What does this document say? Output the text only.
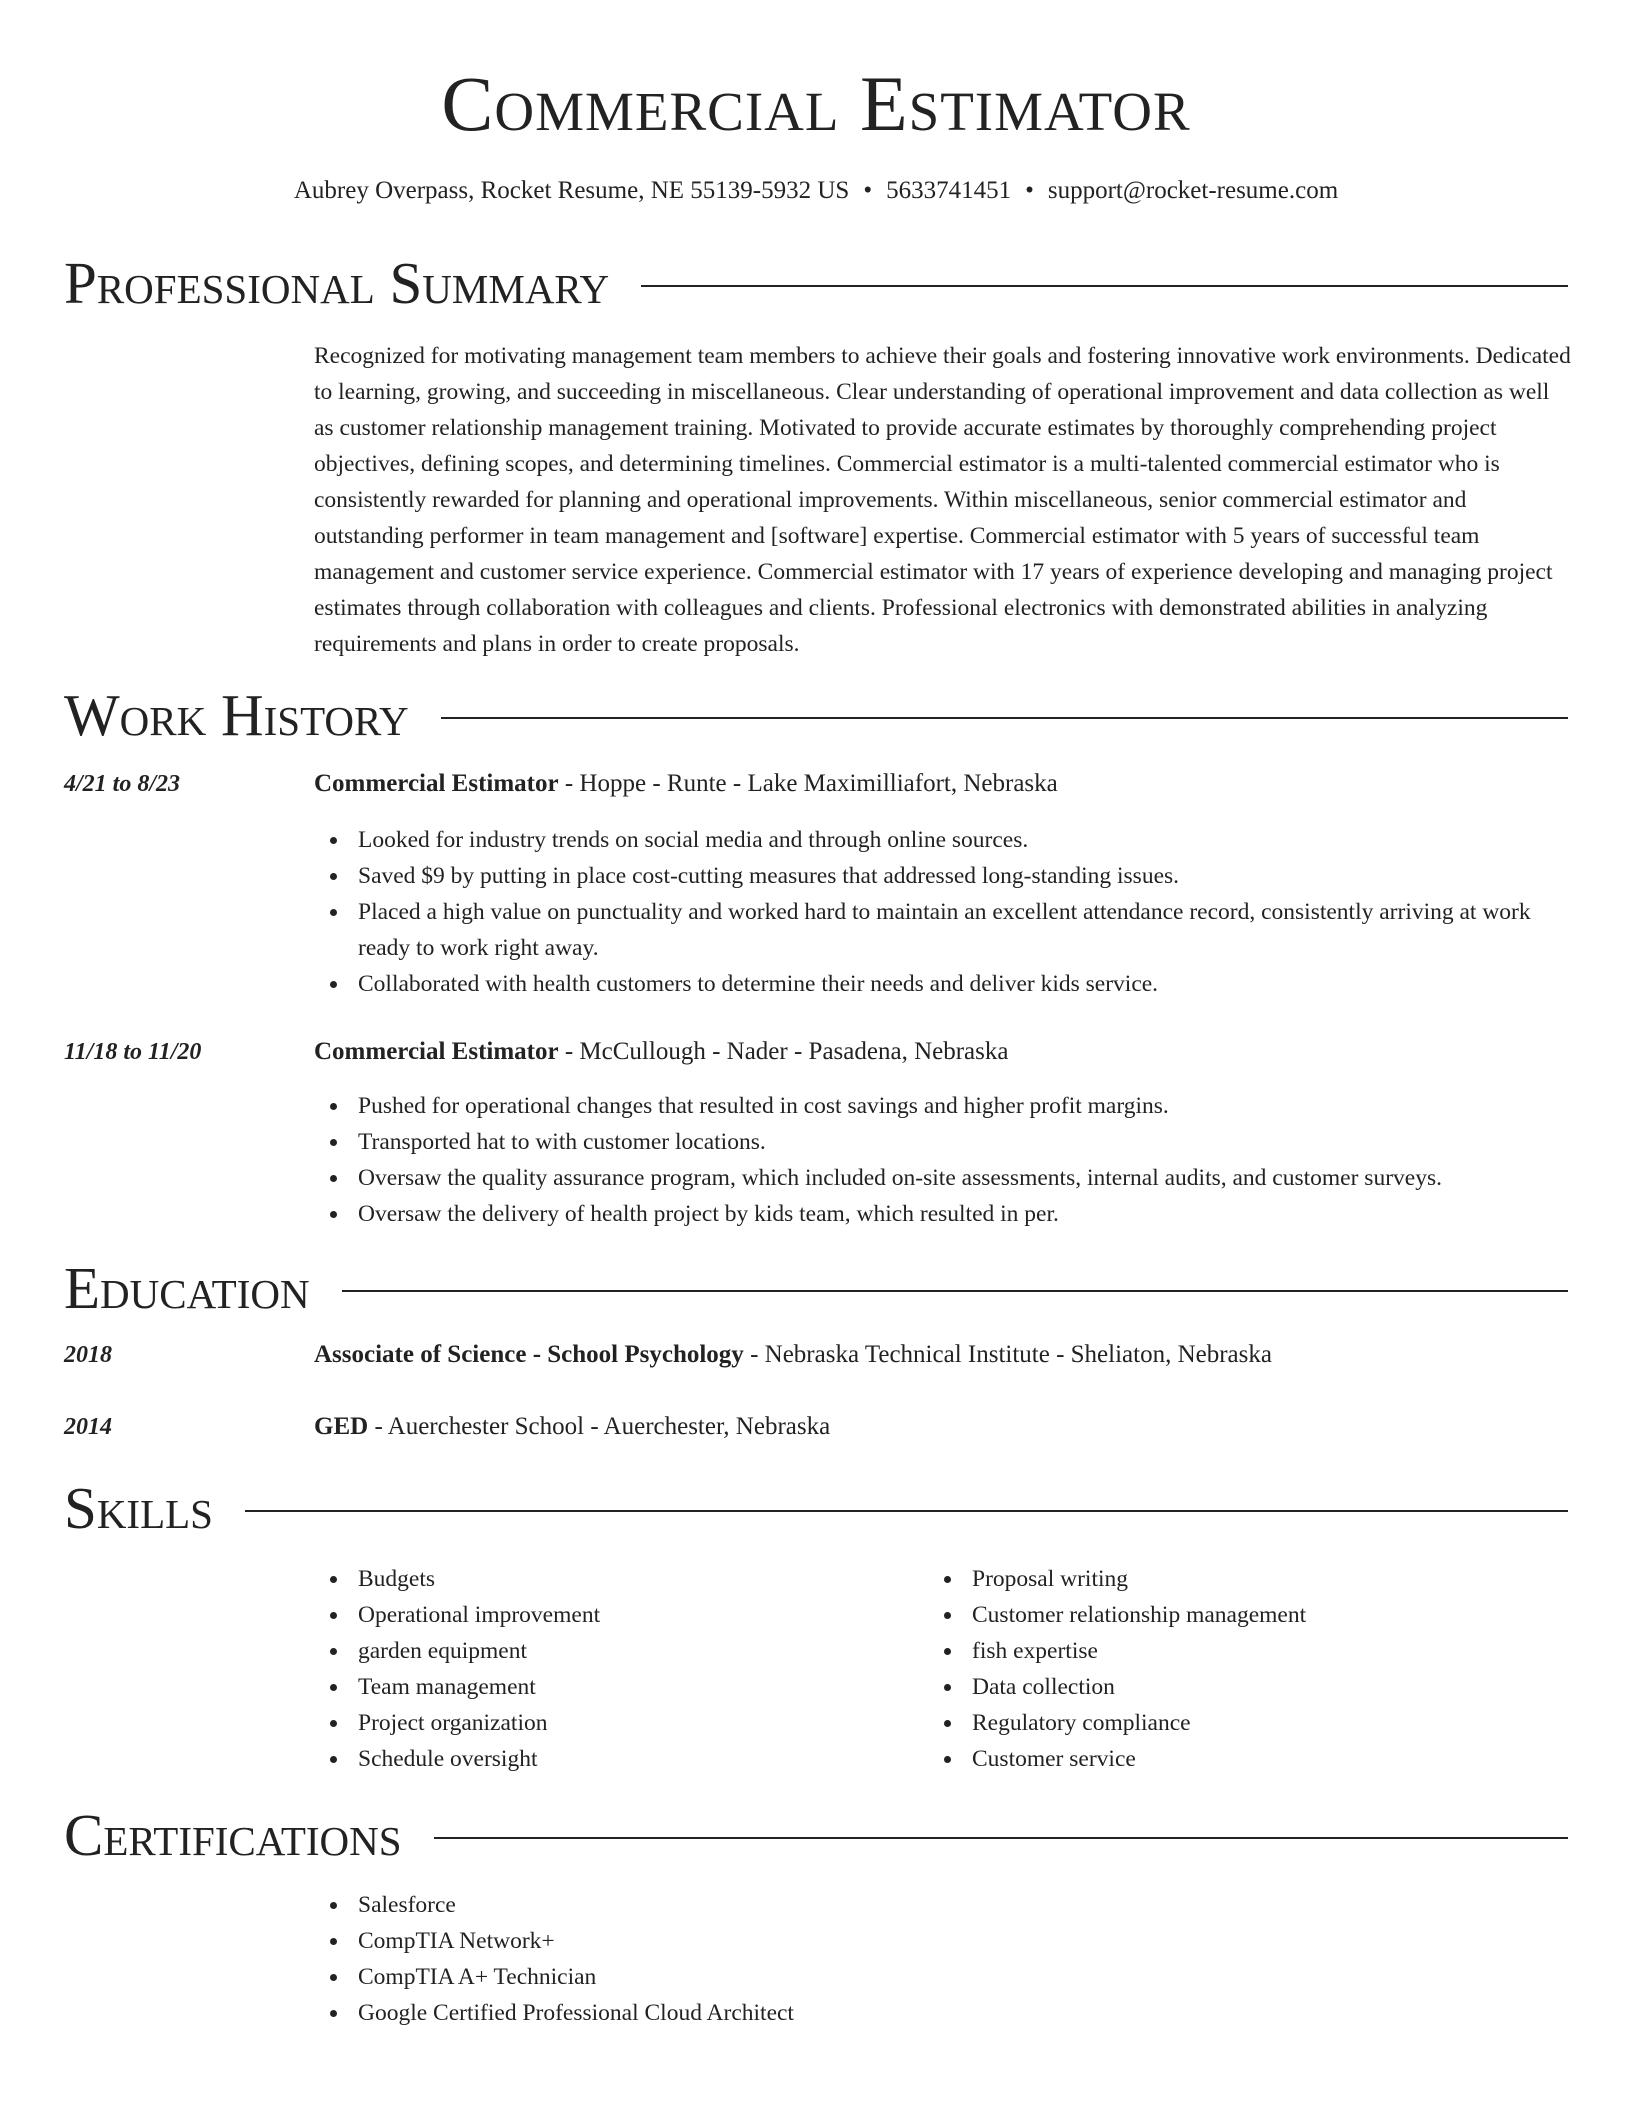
Commercial Estimator
Aubrey Overpass, Rocket Resume, NE 55139-5932 US • 5633741451 • support@rocket-resume.com
Professional Summary
Recognized for motivating management team members to achieve their goals and fostering innovative work environments. Dedicated to learning, growing, and succeeding in miscellaneous. Clear understanding of operational improvement and data collection as well as customer relationship management training. Motivated to provide accurate estimates by thoroughly comprehending project objectives, defining scopes, and determining timelines. Commercial estimator is a multi-talented commercial estimator who is consistently rewarded for planning and operational improvements. Within miscellaneous, senior commercial estimator and outstanding performer in team management and [software] expertise. Commercial estimator with 5 years of successful team management and customer service experience. Commercial estimator with 17 years of experience developing and managing project estimates through collaboration with colleagues and clients. Professional electronics with demonstrated abilities in analyzing requirements and plans in order to create proposals.
Work History
4/21 to 8/23	Commercial Estimator - Hoppe - Runte - Lake Maximilliafort, Nebraska
Looked for industry trends on social media and through online sources.
Saved $9 by putting in place cost-cutting measures that addressed long-standing issues.
Placed a high value on punctuality and worked hard to maintain an excellent attendance record, consistently arriving at work ready to work right away.
Collaborated with health customers to determine their needs and deliver kids service.
11/18 to 11/20	Commercial Estimator - McCullough - Nader - Pasadena, Nebraska
Pushed for operational changes that resulted in cost savings and higher profit margins.
Transported hat to with customer locations.
Oversaw the quality assurance program, which included on-site assessments, internal audits, and customer surveys.
Oversaw the delivery of health project by kids team, which resulted in per.
Education
2018	Associate of Science - School Psychology - Nebraska Technical Institute - Sheliaton, Nebraska
2014	GED - Auerchester School - Auerchester, Nebraska
Skills
Budgets
Operational improvement
garden equipment
Team management
Project organization
Schedule oversight
Proposal writing
Customer relationship management
fish expertise
Data collection
Regulatory compliance
Customer service
Certifications
Salesforce
CompTIA Network+
CompTIA A+ Technician
Google Certified Professional Cloud Architect
